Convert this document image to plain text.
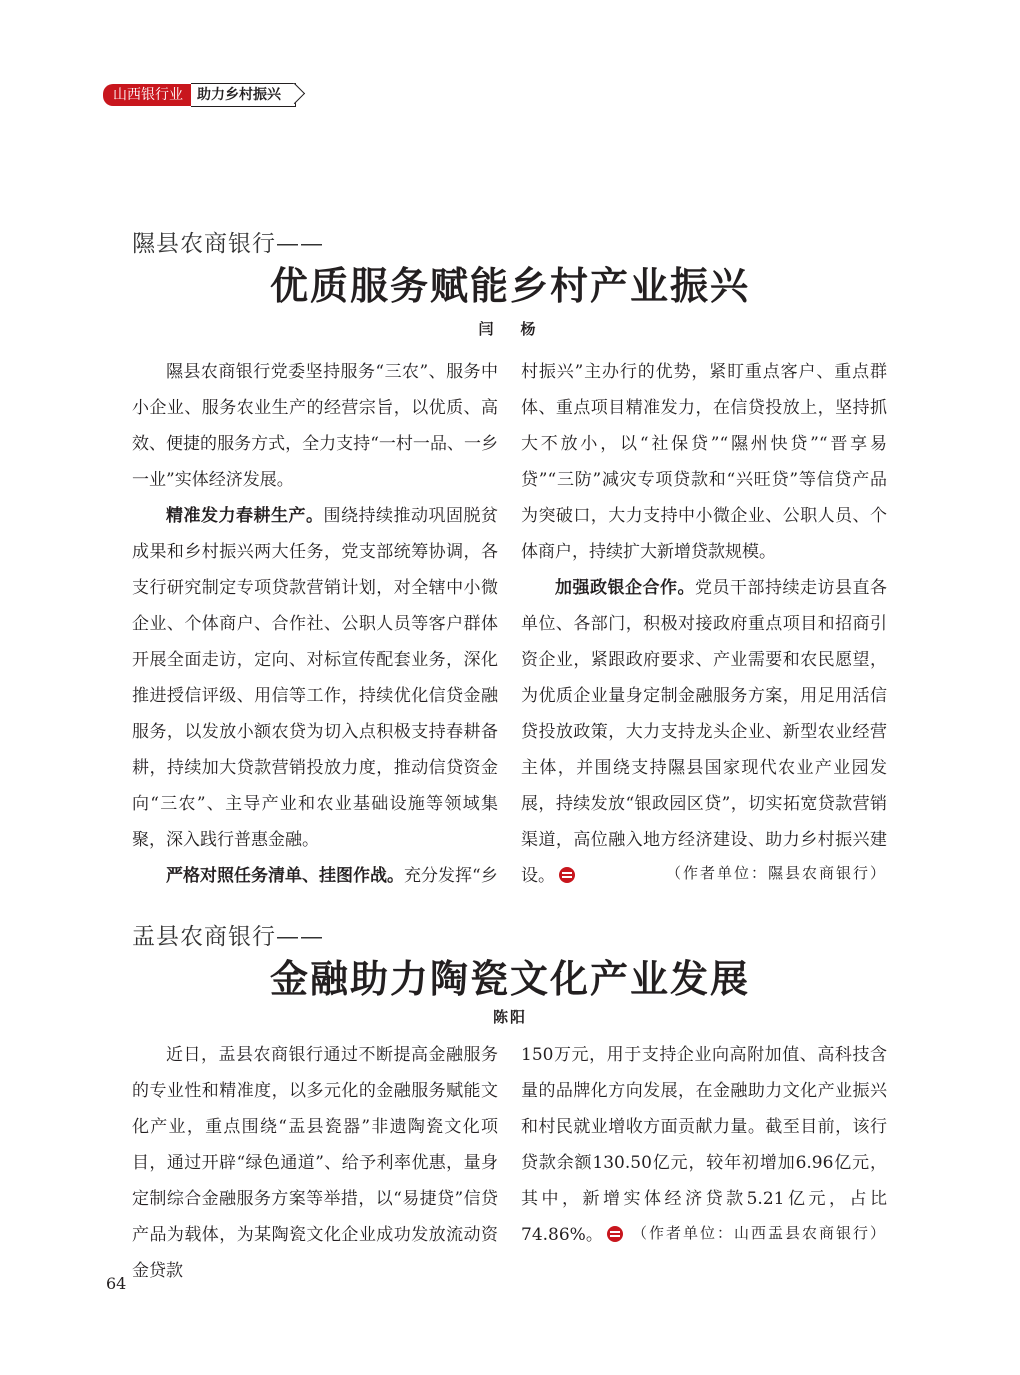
山西银行业	助力乡村振兴
隰县农商银行——
优质服务赋能乡村产业振兴
闫　杨

隰县农商银行党委坚持服务“三农”、服务中小企业、服务农业生产的经营宗旨，以优质、高效、便捷的服务方式，全力支持“一村一品、一乡一业”实体经济发展。

精准发力春耕生产。围绕持续推动巩固脱贫成果和乡村振兴两大任务，党支部统筹协调，各支行研究制定专项贷款营销计划，对全辖中小微企业、个体商户、合作社、公职人员等客户群体开展全面走访，定向、对标宣传配套业务，深化推进授信评级、用信等工作，持续优化信贷金融服务，以发放小额农贷为切入点积极支持春耕备耕，持续加大贷款营销投放力度，推动信贷资金向“三农”、主导产业和农业基础设施等领域集聚，深入践行普惠金融。

严格对照任务清单、挂图作战。充分发挥“乡

村振兴”主办行的优势，紧盯重点客户、重点群体、重点项目精准发力，在信贷投放上，坚持抓大不放小，以“社保贷”“隰州快贷”“晋享易贷”“三防”减灾专项贷款和“兴旺贷”等信贷产品为突破口，大力支持中小微企业、公职人员、个体商户，持续扩大新增贷款规模。

加强政银企合作。党员干部持续走访县直各单位、各部门，积极对接政府重点项目和招商引资企业，紧跟政府要求、产业需要和农民愿望，为优质企业量身定制金融服务方案，用足用活信贷投放政策，大力支持龙头企业、新型农业经营主体，并围绕支持隰县国家现代农业产业园发展，持续发放“银政园区贷”，切实拓宽贷款营销渠道，高位融入地方经济建设、助力乡村振兴建设。	（作者单位：隰县农商银行）
盂县农商银行——
金融助力陶瓷文化产业发展
陈阳

近日，盂县农商银行通过不断提高金融服务的专业性和精准度，以多元化的金融服务赋能文化产业，重点围绕“盂县瓷器”非遗陶瓷文化项目，通过开辟“绿色通道”、给予利率优惠，量身定制综合金融服务方案等举措，以“易捷贷”信贷产品为载体，为某陶瓷文化企业成功发放流动资金贷款

150万元，用于支持企业向高附加值、高科技含量的品牌化方向发展，在金融助力文化产业振兴和村民就业增收方面贡献力量。截至目前，该行贷款余额130.50亿元，较年初增加6.96亿元，其中，新增实体经济贷款5.21亿元，占比74.86%。	（作者单位：山西盂县农商银行）
64
